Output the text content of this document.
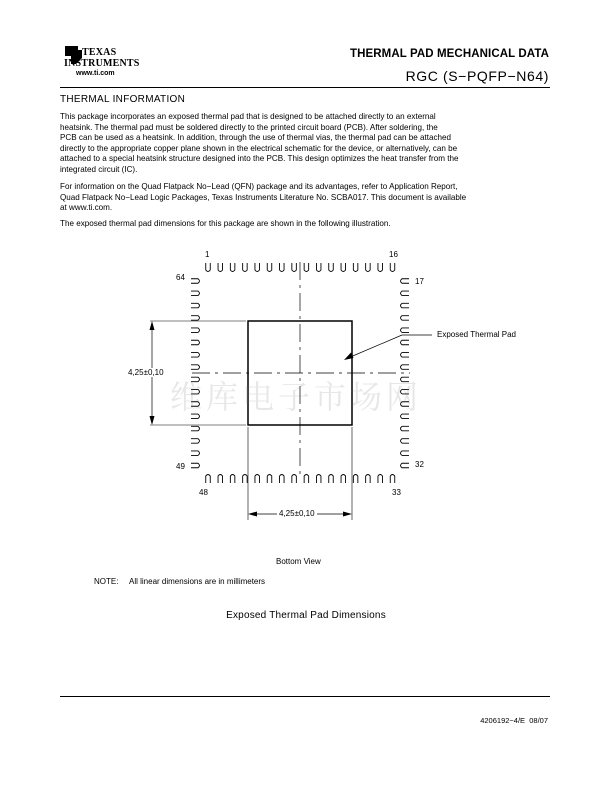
TEXAS
INSTRUMENTS
www.ti.com
THERMAL PAD MECHANICAL DATA
RGC (S−PQFP−N64)
THERMAL INFORMATION
This package incorporates an exposed thermal pad that is designed to be attached directly to an external
heatsink. The thermal pad must be soldered directly to the printed circuit board (PCB). After soldering, the
PCB can be used as a heatsink. In addition, through the use of thermal vias, the thermal pad can be attached
directly to the appropriate copper plane shown in the electrical schematic for the device, or alternatively, can be
attached to a special heatsink structure designed into the PCB. This design optimizes the heat transfer from the
integrated circuit (IC).
For information on the Quad Flatpack No−Lead (QFN) package and its advantages, refer to Application Report,
Quad Flatpack No−Lead Logic Packages, Texas Instruments Literature No. SCBA017. This document is available
at www.ti.com.
The exposed thermal pad dimensions for this package are shown in the following illustration.
1	16
64	17
49	32
48	33
Exposed Thermal Pad
4,25±0,10
4,25±0,10
Bottom View
维库电子市场网
NOTE: All linear dimensions are in millimeters
Exposed Thermal Pad Dimensions
4206192−4/E  08/07
